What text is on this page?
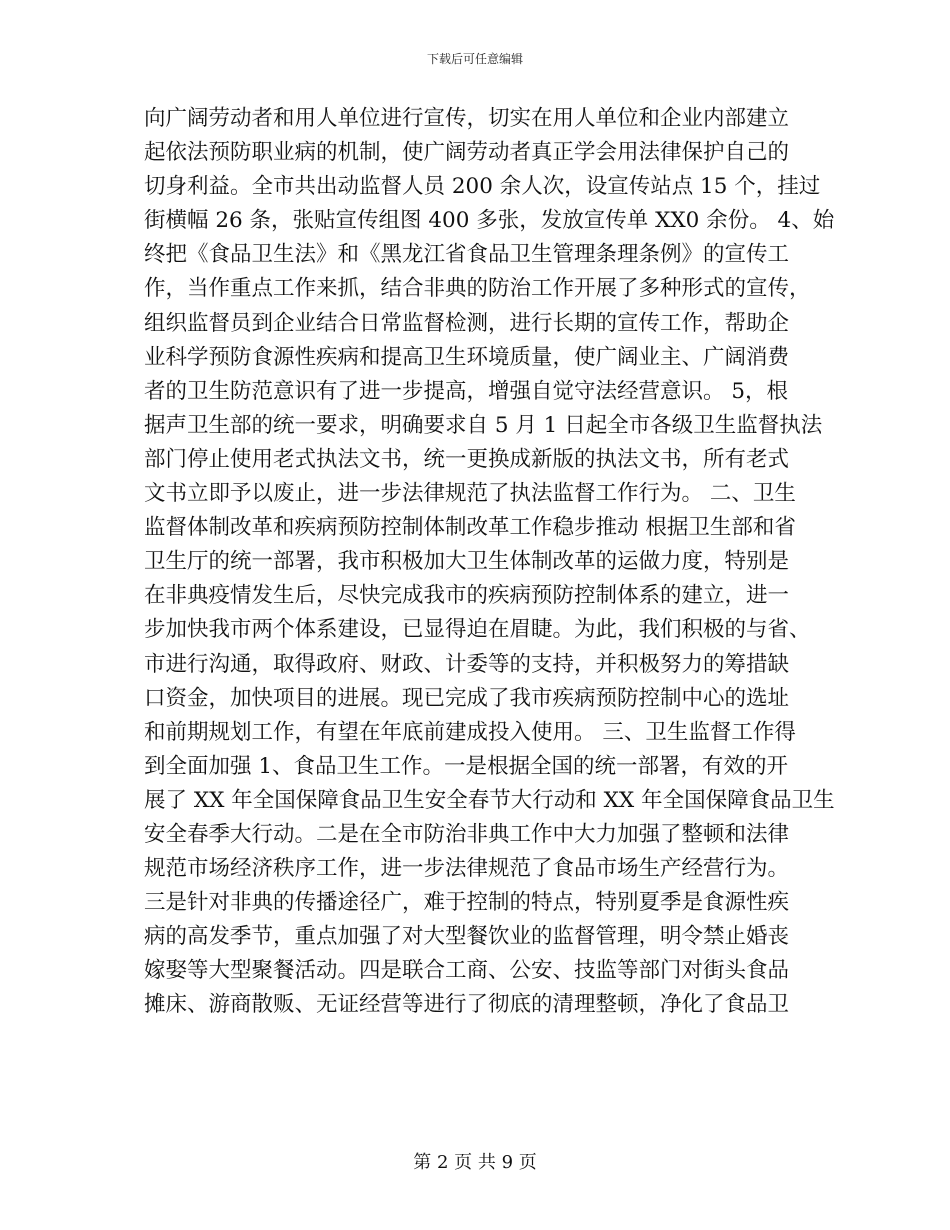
下载后可任意编辑
向广阔劳动者和用人单位进行宣传，切实在用人单位和企业内部建立
起依法预防职业病的机制，使广阔劳动者真正学会用法律保护自己的
切身利益。全市共出动监督人员 200 余人次，设宣传站点 15 个，挂过
街横幅 26 条，张贴宣传组图 400 多张，发放宣传单 XX0 余份。 4、始
终把《食品卫生法》和《黑龙江省食品卫生管理条理条例》的宣传工
作，当作重点工作来抓，结合非典的防治工作开展了多种形式的宣传，
组织监督员到企业结合日常监督检测，进行长期的宣传工作，帮助企
业科学预防食源性疾病和提高卫生环境质量，使广阔业主、广阔消费
者的卫生防范意识有了进一步提高，增强自觉守法经营意识。 5，根
据声卫生部的统一要求，明确要求自 5 月 1 日起全市各级卫生监督执法
部门停止使用老式执法文书，统一更换成新版的执法文书，所有老式
文书立即予以废止，进一步法律规范了执法监督工作行为。 二、卫生
监督体制改革和疾病预防控制体制改革工作稳步推动 根据卫生部和省
卫生厅的统一部署，我市积极加大卫生体制改革的运做力度，特别是
在非典疫情发生后，尽快完成我市的疾病预防控制体系的建立，进一
步加快我市两个体系建设，已显得迫在眉睫。为此，我们积极的与省、
市进行沟通，取得政府、财政、计委等的支持，并积极努力的筹措缺
口资金，加快项目的进展。现已完成了我市疾病预防控制中心的选址
和前期规划工作，有望在年底前建成投入使用。 三、卫生监督工作得
到全面加强 1、食品卫生工作。一是根据全国的统一部署，有效的开
展了 XX 年全国保障食品卫生安全春节大行动和 XX 年全国保障食品卫生
安全春季大行动。二是在全市防治非典工作中大力加强了整顿和法律
规范市场经济秩序工作，进一步法律规范了食品市场生产经营行为。
三是针对非典的传播途径广，难于控制的特点，特别夏季是食源性疾
病的高发季节，重点加强了对大型餐饮业的监督管理，明令禁止婚丧
嫁娶等大型聚餐活动。四是联合工商、公安、技监等部门对街头食品
摊床、游商散贩、无证经营等进行了彻底的清理整顿，净化了食品卫
第 2 页 共 9 页
